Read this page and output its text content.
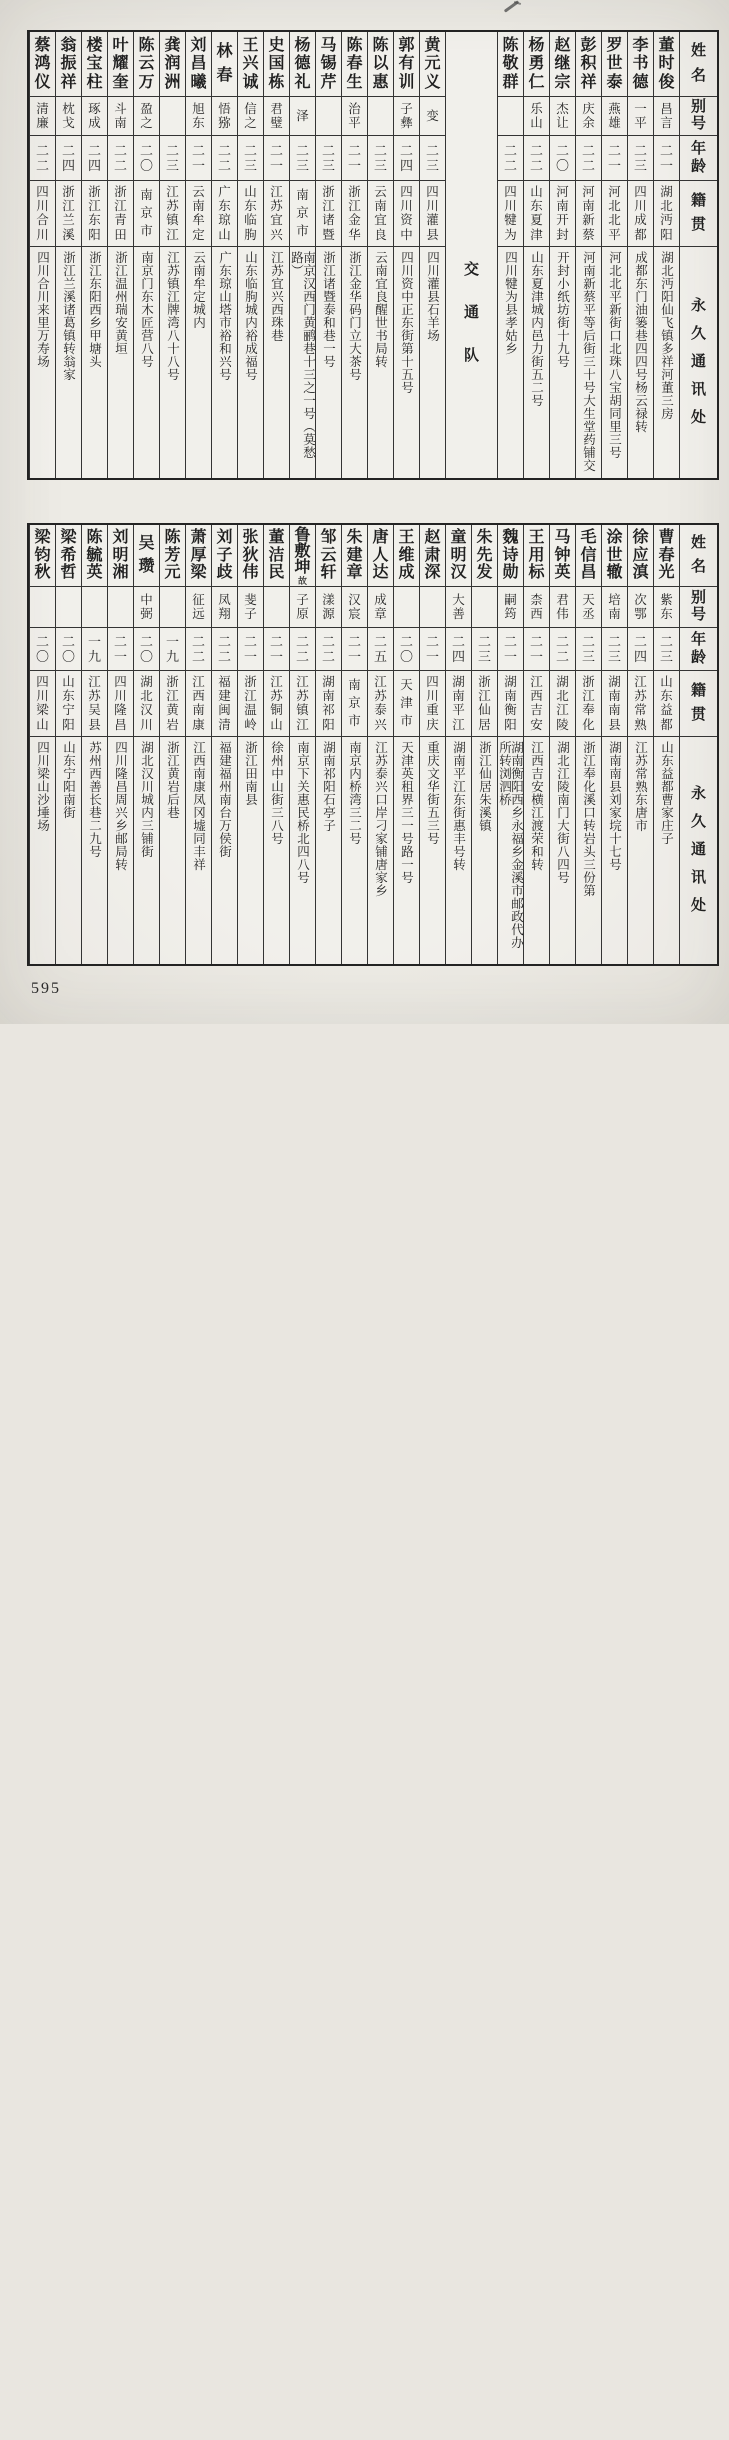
姓
名
别
号
年
龄
籍
贯
永
久
通
讯
处
董
时
俊
昌
言
二
一
湖
北
沔
阳
湖北沔阳仙飞镇多祥河董三房
李
书
德
一
平
二
三
四
川
成
都
成都东门油篓巷四四号杨云禄转
罗
世
泰
燕
雄
二
一
河
北
北
平
河北北平新街口北珠八宝胡同里三号
彭
积
祥
庆
余
二
二
河
南
新
蔡
河南新蔡平等后街三十号大生堂药铺交
赵
继
宗
杰
让
二
〇
河
南
开
封
开封小纸坊街十九号
杨
勇
仁
乐
山
二
二
山
东
夏
津
山东夏津城内邑力街五二号
陈
敬
群
二
二
四
川
犍
为
四川犍为县孝姑乡
交
通
队
黄
元
义
变
二
三
四
川
灌
县
四川灌县石羊场
郭
有
训
子
彝
二
四
四
川
资
中
四川资中正东街第十五号
陈
以
惠
二
三
云
南
宜
良
云南宜良醒世书局转
陈
春
生
治
平
二
一
浙
江
金
华
浙江金华码门立大茶号
马
锡
芹
二
三
浙
江
诸
暨
浙江诸暨泰和巷一号
杨
德
礼
泽
二
三
南
京
市
南京汉西门黄鹂巷十三之一号（莫愁路）
史
国
栋
君
璧
二
一
江
苏
宜
兴
江苏宜兴西珠巷
王
兴
诚
信
之
二
三
山
东
临
朐
山东临朐城内裕成福号
林
春
悟
猕
二
二
广
东
琼
山
广东琼山塔市裕和兴号
刘
昌
曦
旭
东
二
一
云
南
牟
定
云南牟定城内
龚
润
洲
二
三
江
苏
镇
江
江苏镇江牌湾八十八号
陈
云
万
盈
之
二
〇
南
京
市
南京门东木匠营八号
叶
耀
奎
斗
南
二
二
浙
江
青
田
浙江温州瑞安黄垣
楼
宝
柱
琢
成
二
四
浙
江
东
阳
浙江东阳西乡甲塘头
翁
振
祥
枕
戈
二
四
浙
江
兰
溪
浙江兰溪诸葛镇转翁家
蔡
鸿
仪
清
廉
二
二
四
川
合
川
四川合川来里万寿场
姓
名
别
号
年
龄
籍
贯
永
久
通
讯
处
曹
春
光
紫
东
二
三
山
东
益
都
山东益都曹家庄子
徐
应
滇
次
鄂
二
四
江
苏
常
熟
江苏常熟东唐市
涂
世
辙
培
南
二
三
湖
南
南
县
湖南南县刘家垸十七号
毛
信
昌
天
丞
二
三
浙
江
奉
化
浙江奉化溪口转岩头三份第
马
钟
英
君
伟
二
二
湖
北
江
陵
湖北江陵南门大街八四号
王
用
标
柰
西
二
一
江
西
吉
安
江西吉安横江渡荣和转
魏
诗
勋
嗣
筠
二
一
湖
南
衡
阳
湖南衡阳西乡永福乡金溪市邮政代办所转浏泗桥
朱
先
发
二
三
浙
江
仙
居
浙江仙居朱溪镇
童
明
汉
大
善
二
四
湖
南
平
江
湖南平江东街惠丰号转
赵
肃
深
二
一
四
川
重
庆
重庆文华街五三号
王
维
成
二
〇
天
津
市
天津英租界三一号路一号
唐
人
达
成
章
二
五
江
苏
泰
兴
江苏泰兴口岸刁家铺唐家乡
朱
建
章
汉
宸
二
一
南
京
市
南京内桥湾三二号
邹
云
轩
漾
源
二
二
湖
南
祁
阳
湖南祁阳石亭子
鲁
敷
坤
故
子
原
二
二
江
苏
镇
江
南京下关惠民桥北四八号
董
洁
民
二
一
江
苏
铜
山
徐州中山街三八号
张
狄
伟
斐
子
二
一
浙
江
温
岭
浙江田南县
刘
子
歧
凤
翔
二
二
福
建
闽
清
福建福州南台万侯街
萧
厚
梁
征
远
二
二
江
西
南
康
江西南康凤冈墟同丰祥
陈
芳
元
一
九
浙
江
黄
岩
浙江黄岩后巷
吴
瓒
中
弼
二
〇
湖
北
汉
川
湖北汉川城内三铺街
刘
明
湘
二
一
四
川
隆
昌
四川隆昌周兴乡邮局转
陈
毓
英
一
九
江
苏
吴
县
苏州西善长巷二九号
梁
希
哲
二
〇
山
东
宁
阳
山东宁阳南街
梁
钧
秋
二
〇
四
川
梁
山
四川梁山沙埵场
595
